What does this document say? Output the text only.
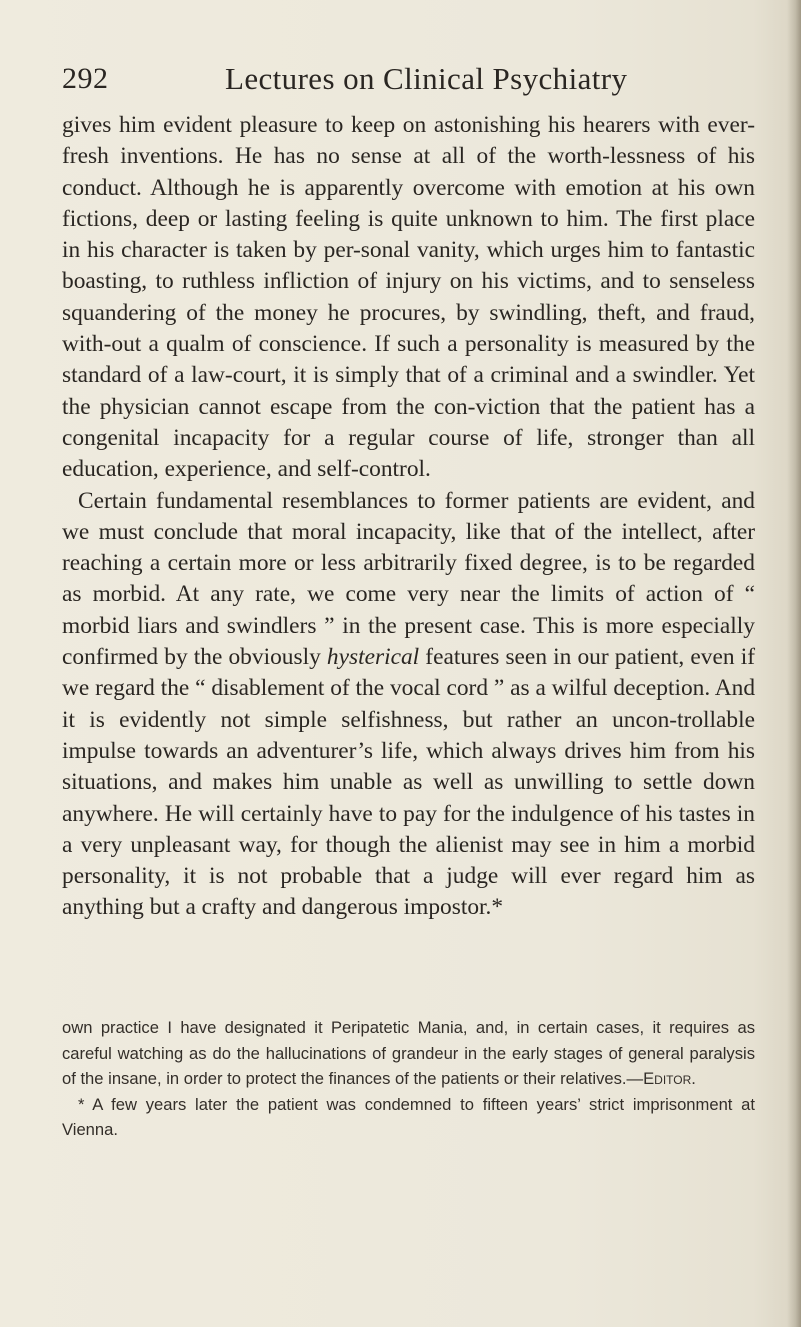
292	Lectures on Clinical Psychiatry

gives him evident pleasure to keep on astonishing his hearers with ever-fresh inventions. He has no sense at all of the worth-lessness of his conduct. Although he is apparently overcome with emotion at his own fictions, deep or lasting feeling is quite unknown to him. The first place in his character is taken by per-sonal vanity, which urges him to fantastic boasting, to ruthless infliction of injury on his victims, and to senseless squandering of the money he procures, by swindling, theft, and fraud, with-out a qualm of conscience. If such a personality is measured by the standard of a law-court, it is simply that of a criminal and a swindler. Yet the physician cannot escape from the con-viction that the patient has a congenital incapacity for a regular course of life, stronger than all education, experience, and self-control.

Certain fundamental resemblances to former patients are evident, and we must conclude that moral incapacity, like that of the intellect, after reaching a certain more or less arbitrarily fixed degree, is to be regarded as morbid. At any rate, we come very near the limits of action of “ morbid liars and swindlers ” in the present case. This is more especially confirmed by the obviously hysterical features seen in our patient, even if we regard the “ disablement of the vocal cord ” as a wilful deception. And it is evidently not simple selfishness, but rather an uncon-trollable impulse towards an adventurer’s life, which always drives him from his situations, and makes him unable as well as unwilling to settle down anywhere. He will certainly have to pay for the indulgence of his tastes in a very unpleasant way, for though the alienist may see in him a morbid personality, it is not probable that a judge will ever regard him as anything but a crafty and dangerous impostor.*

own practice I have designated it Peripatetic Mania, and, in certain cases, it requires as careful watching as do the hallucinations of grandeur in the early stages of general paralysis of the insane, in order to protect the finances of the patients or their relatives.—Editor.

* A few years later the patient was condemned to fifteen years’ strict imprisonment at Vienna.
